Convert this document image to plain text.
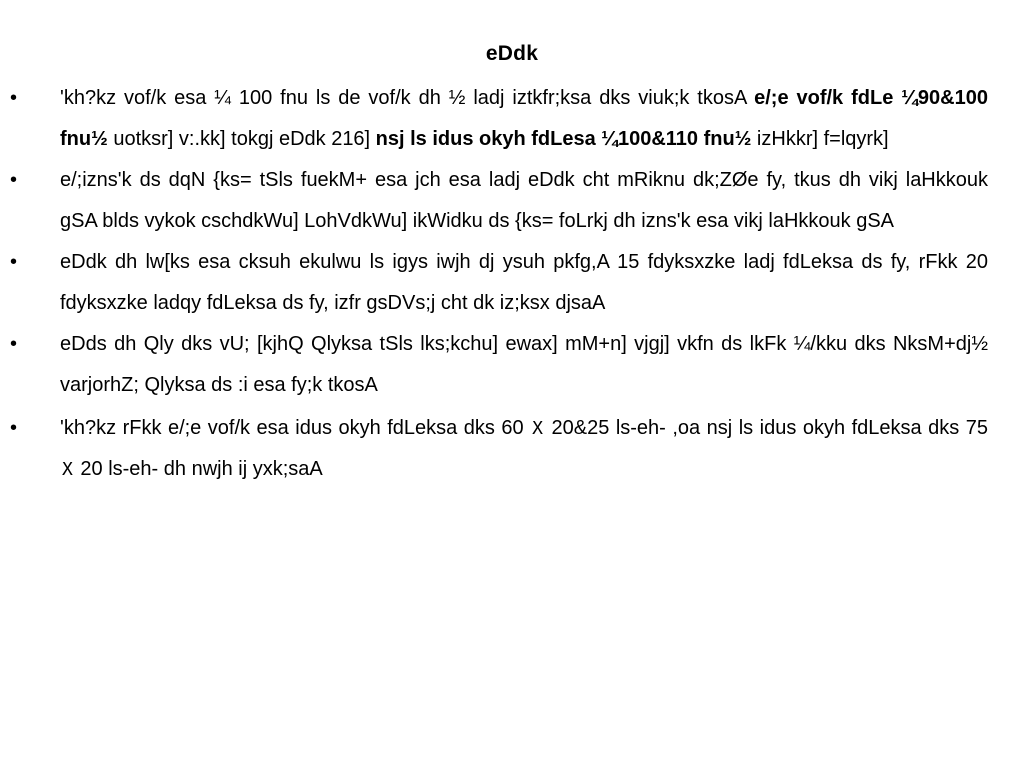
eDdk
•	'kh?kz vof/k esa ¼ 100 fnu ls de vof/k dh ½ ladj iztkfr;ksa dks viuk;k tkosA e/;e vof/k fdLe ¼90&100 fnu½ uotksr] v:.kk] tokgj eDdk 216] nsj ls idus okyh fdLesa ¼100&110 fnu½ izHkkr] f=lqyrk]
•	e/;izns'k ds dqN {ks= tSls fuekM+ esa jch esa ladj eDdk cht mRiknu dk;ZØe fy, tkus dh vikj laHkkouk gSA blds vykok cschdkWu] LohVdkWu] ikWidku ds {ks= foLrkj dh izns'k esa vikj laHkkouk gSA
•	eDdk dh lw[ks esa cksuh ekulwu ls igys iwjh dj ysuh pkfg,A 15 fdyksxzke ladj fdLeksa ds fy, rFkk 20 fdyksxzke ladqy fdLeksa ds fy, izfr gsDVs;j cht dk iz;ksx djsaA
•	eDds dh Qly dks vU; [kjhQ Qlyksa tSls lks;kchu] ewax] mM+n] vjgj] vkfn ds lkFk ¼/kku dks NksM+dj½ varjorhZ; Qlyksa ds :i esa fy;k tkosA
•	'kh?kz rFkk e/;e vof/k esa idus okyh fdLeksa dks 60 X 20&25 ls-eh- ,oa nsj ls idus okyh fdLeksa dks 75 X 20 ls-eh- dh nwjh ij yxk;saA
